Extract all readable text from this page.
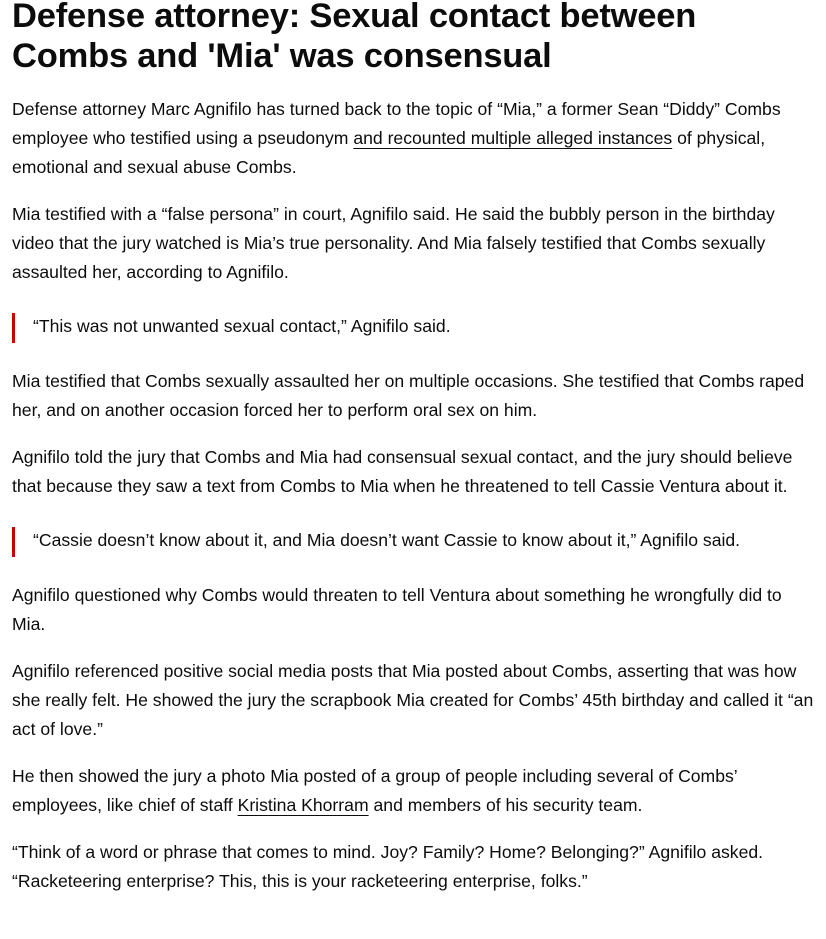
Defense attorney: Sexual contact between Combs and 'Mia' was consensual

Defense attorney Marc Agnifilo has turned back to the topic of “Mia,” a former Sean “Diddy” Combs employee who testified using a pseudonym and recounted multiple alleged instances of physical, emotional and sexual abuse Combs.

Mia testified with a “false persona” in court, Agnifilo said. He said the bubbly person in the birthday video that the jury watched is Mia’s true personality. And Mia falsely testified that Combs sexually assaulted her, according to Agnifilo.

“This was not unwanted sexual contact,” Agnifilo said.

Mia testified that Combs sexually assaulted her on multiple occasions. She testified that Combs raped her, and on another occasion forced her to perform oral sex on him.

Agnifilo told the jury that Combs and Mia had consensual sexual contact, and the jury should believe that because they saw a text from Combs to Mia when he threatened to tell Cassie Ventura about it.

“Cassie doesn’t know about it, and Mia doesn’t want Cassie to know about it,” Agnifilo said.

Agnifilo questioned why Combs would threaten to tell Ventura about something he wrongfully did to Mia.

Agnifilo referenced positive social media posts that Mia posted about Combs, asserting that was how she really felt. He showed the jury the scrapbook Mia created for Combs’ 45th birthday and called it “an act of love.”

He then showed the jury a photo Mia posted of a group of people including several of Combs’ employees, like chief of staff Kristina Khorram and members of his security team.

“Think of a word or phrase that comes to mind. Joy? Family? Home? Belonging?” Agnifilo asked. “Racketeering enterprise? This, this is your racketeering enterprise, folks.”
